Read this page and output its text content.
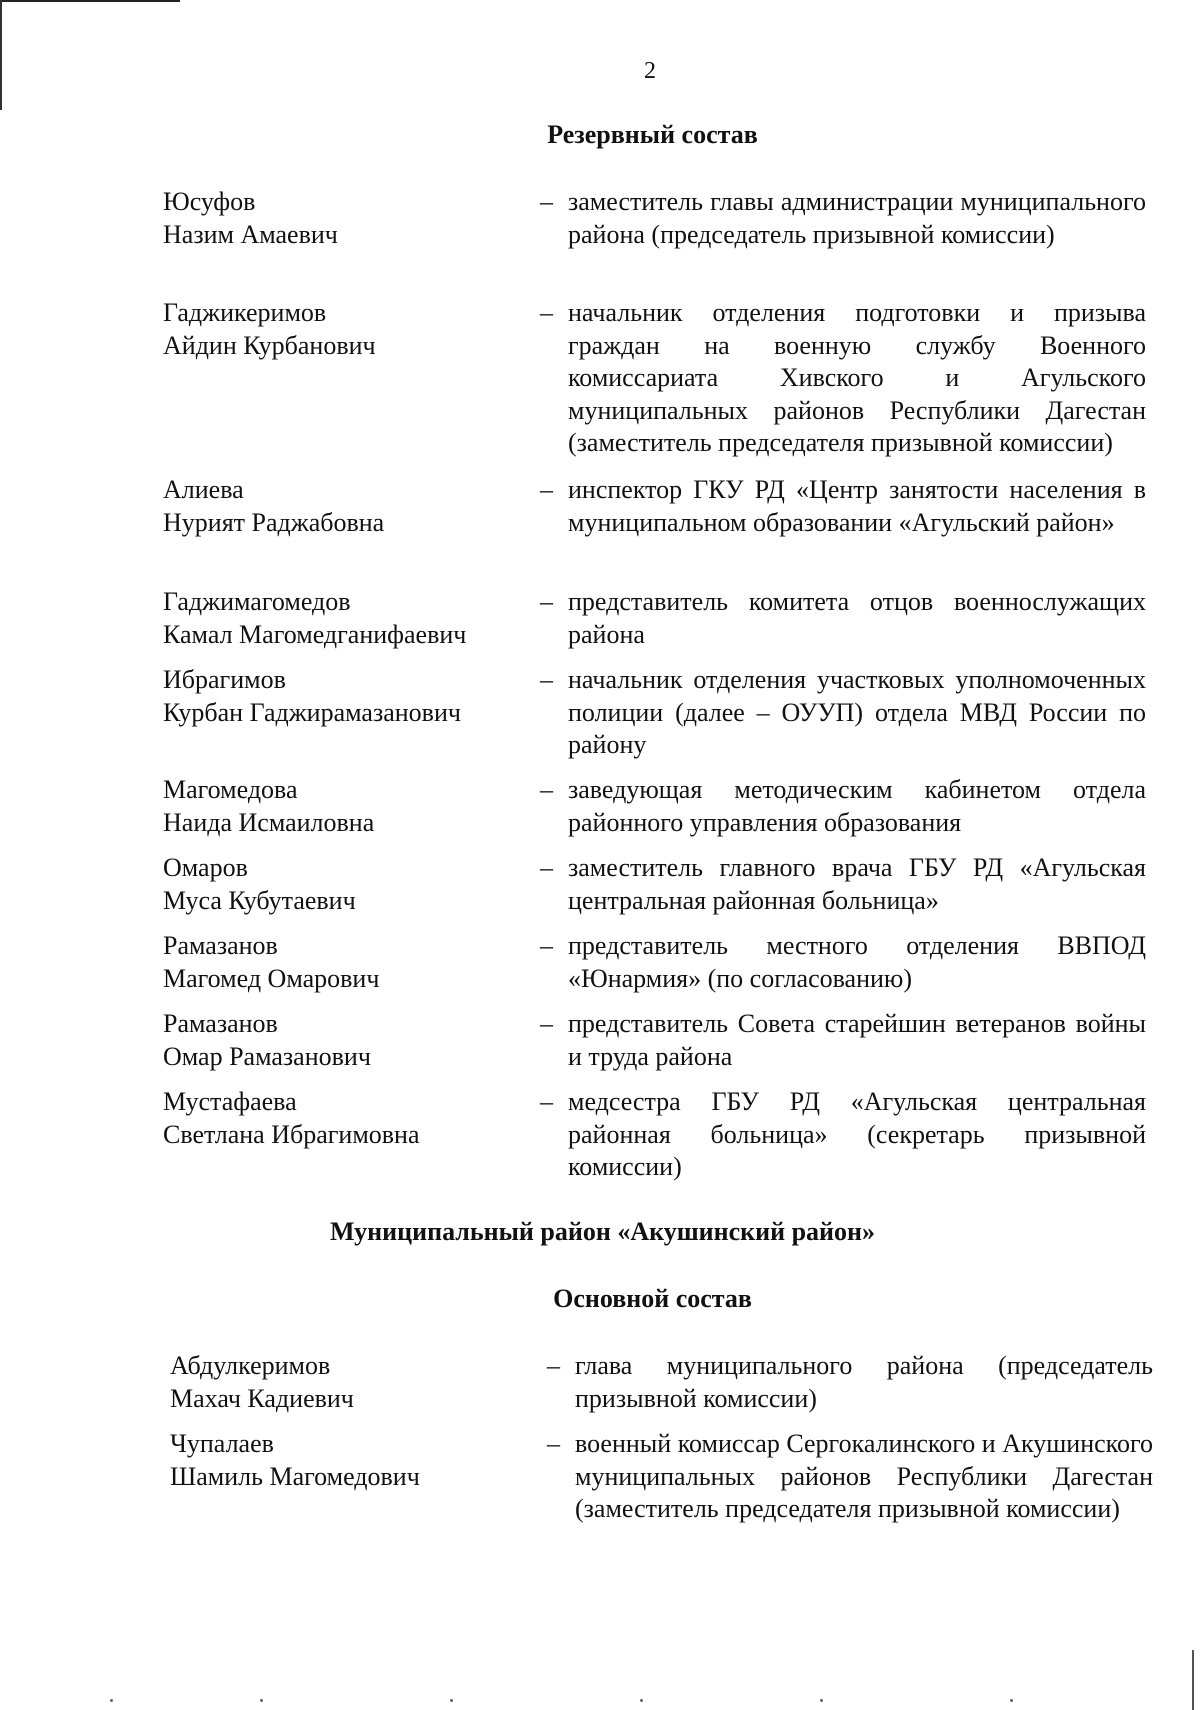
2
Резервный состав
Юсуфов
Назим Амаевич
– заместитель главы администрации муниципального района (председатель призывной комиссии)
Гаджикеримов
Айдин Курбанович
– начальник отделения подготовки и призыва граждан на военную службу Военного комиссариата Хивского и Агульского муниципальных районов Республики Дагестан (заместитель председателя призывной комиссии)
Алиева
Нурият Раджабовна
– инспектор ГКУ РД «Центр занятости населения в муниципальном образовании «Агульский район»
Гаджимагомедов
Камал Магомедганифаевич
– представитель комитета отцов военнослужащих района
Ибрагимов
Курбан Гаджирамазанович
– начальник отделения участковых уполномоченных полиции (далее – ОУУП) отдела МВД России по району
Магомедова
Наида Исмаиловна
– заведующая методическим кабинетом отдела районного управления образования
Омаров
Муса Кубутаевич
– заместитель главного врача ГБУ РД «Агульская центральная районная больница»
Рамазанов
Магомед Омарович
– представитель местного отделения ВВПОД «Юнармия» (по согласованию)
Рамазанов
Омар Рамазанович
– представитель Совета старейшин ветеранов войны и труда района
Мустафаева
Светлана Ибрагимовна
– медсестра ГБУ РД «Агульская центральная районная больница» (секретарь призывной комиссии)
Муниципальный район «Акушинский район»
Основной состав
Абдулкеримов
Махач Кадиевич
– глава муниципального района (председатель призывной комиссии)
Чупалаев
Шамиль Магомедович
– военный комиссар Сергокалинского и Акушинского муниципальных районов Республики Дагестан (заместитель председателя призывной комиссии)
